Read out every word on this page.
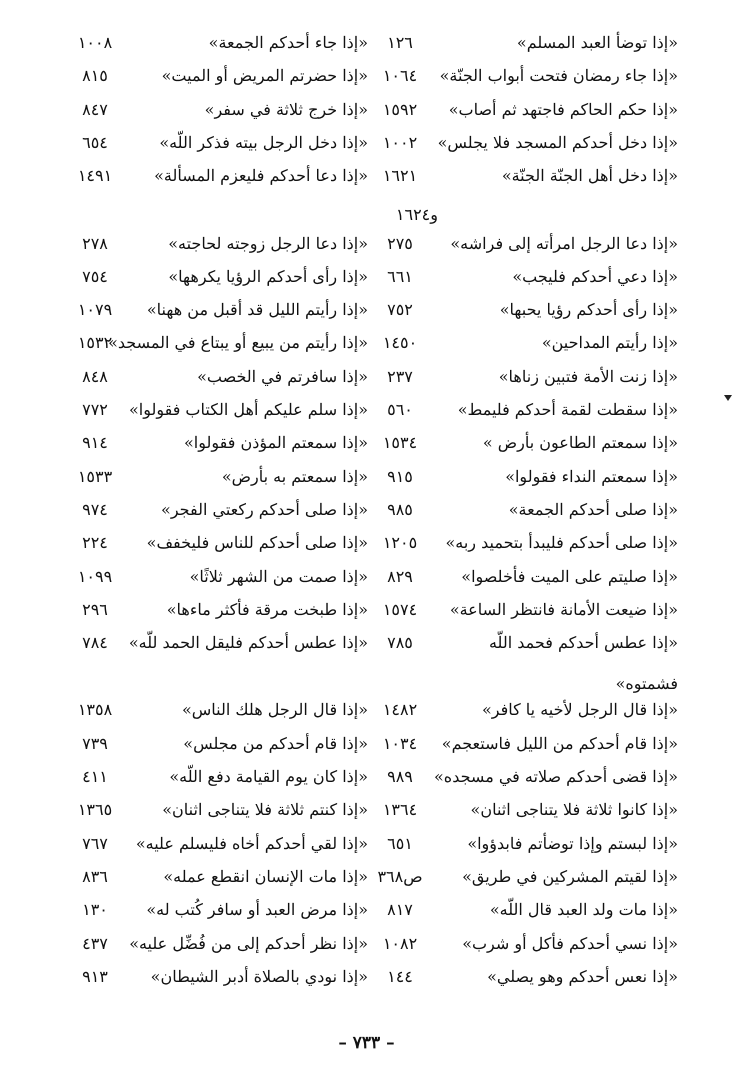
«إذا توضأ العبد المسلم»
١٢٦
«إذا جاء أحدكم الجمعة»
١٠٠٨
«إذا جاء رمضان فتحت أبواب الجنّة»
١٠٦٤
«إذا حضرتم المريض أو الميت»
٨١٥
«إذا حكم الحاكم فاجتهد ثم أصاب»
١٥٩٢
«إذا خرج ثلاثة في سفر»
٨٤٧
«إذا دخل أحدكم المسجد فلا يجلس»
١٠٠٢
«إذا دخل الرجل بيته فذكر اللّه»
٦٥٤
«إذا دخل أهل الجنّة الجنّة»
١٦٢١
«إذا دعا أحدكم فليعزم المسألة»
١٤٩١
«إذا دعا الرجل امرأته إلى فراشه»
٢٧٥
«إذا دعا الرجل زوجته لحاجته»
٢٧٨
«إذا دعي أحدكم فليجب»
٦٦١
«إذا رأى أحدكم الرؤيا يكرهها»
٧٥٤
«إذا رأى أحدكم رؤيا يحبها»
٧٥٢
«إذا رأيتم الليل قد أقبل من ههنا»
١٠٧٩
«إذا رأيتم المداحين»
١٤٥٠
«إذا رأيتم من يبيع أو يبتاع في المسجد»
١٥٣٢
«إذا زنت الأمة فتبين زناها»
٢٣٧
«إذا سافرتم في الخصب»
٨٤٨
«إذا سقطت لقمة أحدكم فليمط»
٥٦٠
«إذا سلم عليكم أهل الكتاب فقولوا»
٧٧٢
«إذا سمعتم الطاعون بأرض »
١٥٣٤
«إذا سمعتم المؤذن فقولوا»
٩١٤
«إذا سمعتم النداء فقولوا»
٩١٥
«إذا سمعتم به بأرض»
١٥٣٣
«إذا صلى أحدكم الجمعة»
٩٨٥
«إذا صلى أحدكم ركعتي الفجر»
٩٧٤
«إذا صلى أحدكم فليبدأ بتحميد ربه»
١٢٠٥
«إذا صلى أحدكم للناس فليخفف»
٢٢٤
«إذا صليتم على الميت فأخلصوا»
٨٢٩
«إذا صمت من الشهر ثلاثًا»
١٠٩٩
«إذا ضيعت الأمانة فانتظر الساعة»
١٥٧٤
«إذا طبخت مرقة فأكثر ماءها»
٢٩٦
«إذا عطس أحدكم فحمد اللّه
٧٨٥
«إذا عطس أحدكم فليقل الحمد للّه»
٧٨٤
«إذا قال الرجل لأخيه يا كافر»
١٤٨٢
«إذا قال الرجل هلك الناس»
١٣٥٨
«إذا قام أحدكم من الليل فاستعجم»
١٠٣٤
«إذا قام أحدكم من مجلس»
٧٣٩
«إذا قضى أحدكم صلاته في مسجده»
٩٨٩
«إذا كان يوم القيامة دفع اللّه»
٤١١
«إذا كانوا ثلاثة فلا يتناجى اثنان»
١٣٦٤
«إذا كنتم ثلاثة فلا يتناجى اثنان»
١٣٦٥
«إذا لبستم وإذا توضأتم فابدؤوا»
٦٥١
«إذا لقي أحدكم أخاه فليسلم عليه»
٧٦٧
«إذا لقيتم المشركين في طريق»
ص٣٦٨
«إذا مات الإنسان انقطع عمله»
٨٣٦
«إذا مات ولد العبد قال اللّه»
٨١٧
«إذا مرض العبد أو سافر كُتب له»
١٣٠
«إذا نسي أحدكم فأكل أو شرب»
١٠٨٢
«إذا نظر أحدكم إلى من فُضِّل عليه»
٤٣٧
«إذا نعس أحدكم وهو يصلي»
١٤٤
«إذا نودي بالصلاة أدبر الشيطان»
٩١٣
و١٦٢٤
فشمتوه»
– ٧٣٣ –
